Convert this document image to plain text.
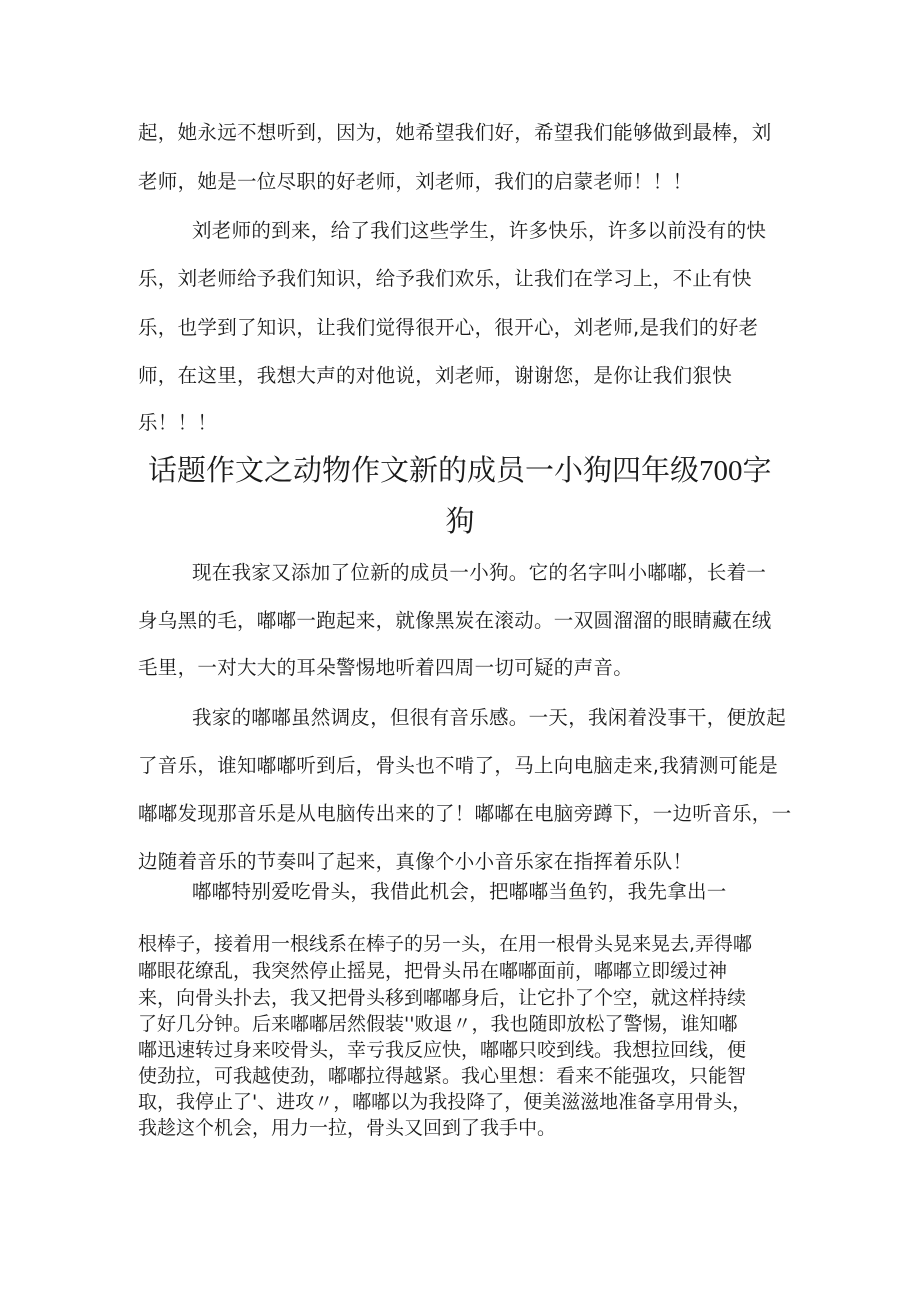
起，她永远不想听到，因为，她希望我们好，希望我们能够做到最棒，刘
老师，她是一位尽职的好老师，刘老师，我们的启蒙老师！！！
刘老师的到来，给了我们这些学生，许多快乐，许多以前没有的快
乐，刘老师给予我们知识，给予我们欢乐，让我们在学习上，不止有快
乐，也学到了知识，让我们觉得很开心，很开心，刘老师,是我们的好老
师，在这里，我想大声的对他说，刘老师，谢谢您，是你让我们狠快
乐！！！
话题作文之动物作文新的成员一小狗四年级700字
狗
现在我家又添加了位新的成员一小狗。它的名字叫小嘟嘟，长着一
身乌黑的毛，嘟嘟一跑起来，就像黑炭在滚动。一双圆溜溜的眼睛藏在绒
毛里，一对大大的耳朵警惕地听着四周一切可疑的声音。
我家的嘟嘟虽然调皮，但很有音乐感。一天，我闲着没事干，便放起
了音乐，谁知嘟嘟听到后，骨头也不啃了，马上向电脑走来,我猜测可能是
嘟嘟发现那音乐是从电脑传出来的了！嘟嘟在电脑旁蹲下，一边听音乐，一
边随着音乐的节奏叫了起来，真像个小小音乐家在指挥着乐队！
嘟嘟特别爱吃骨头，我借此机会，把嘟嘟当鱼钓，我先拿出一
根棒子，接着用一根线系在棒子的另一头，在用一根骨头晃来晃去,弄得嘟
嘟眼花缭乱，我突然停止摇晃，把骨头吊在嘟嘟面前，嘟嘟立即缓过神
来，向骨头扑去，我又把骨头移到嘟嘟身后，让它扑了个空，就这样持续
了好几分钟。后来嘟嘟居然假装''败退〃，我也随即放松了警惕，谁知嘟
嘟迅速转过身来咬骨头，幸亏我反应快，嘟嘟只咬到线。我想拉回线，便
使劲拉，可我越使劲，嘟嘟拉得越紧。我心里想：看来不能强攻，只能智
取，我停止了'、进攻〃，嘟嘟以为我投降了，便美滋滋地准备享用骨头，
我趁这个机会，用力一拉，骨头又回到了我手中。
